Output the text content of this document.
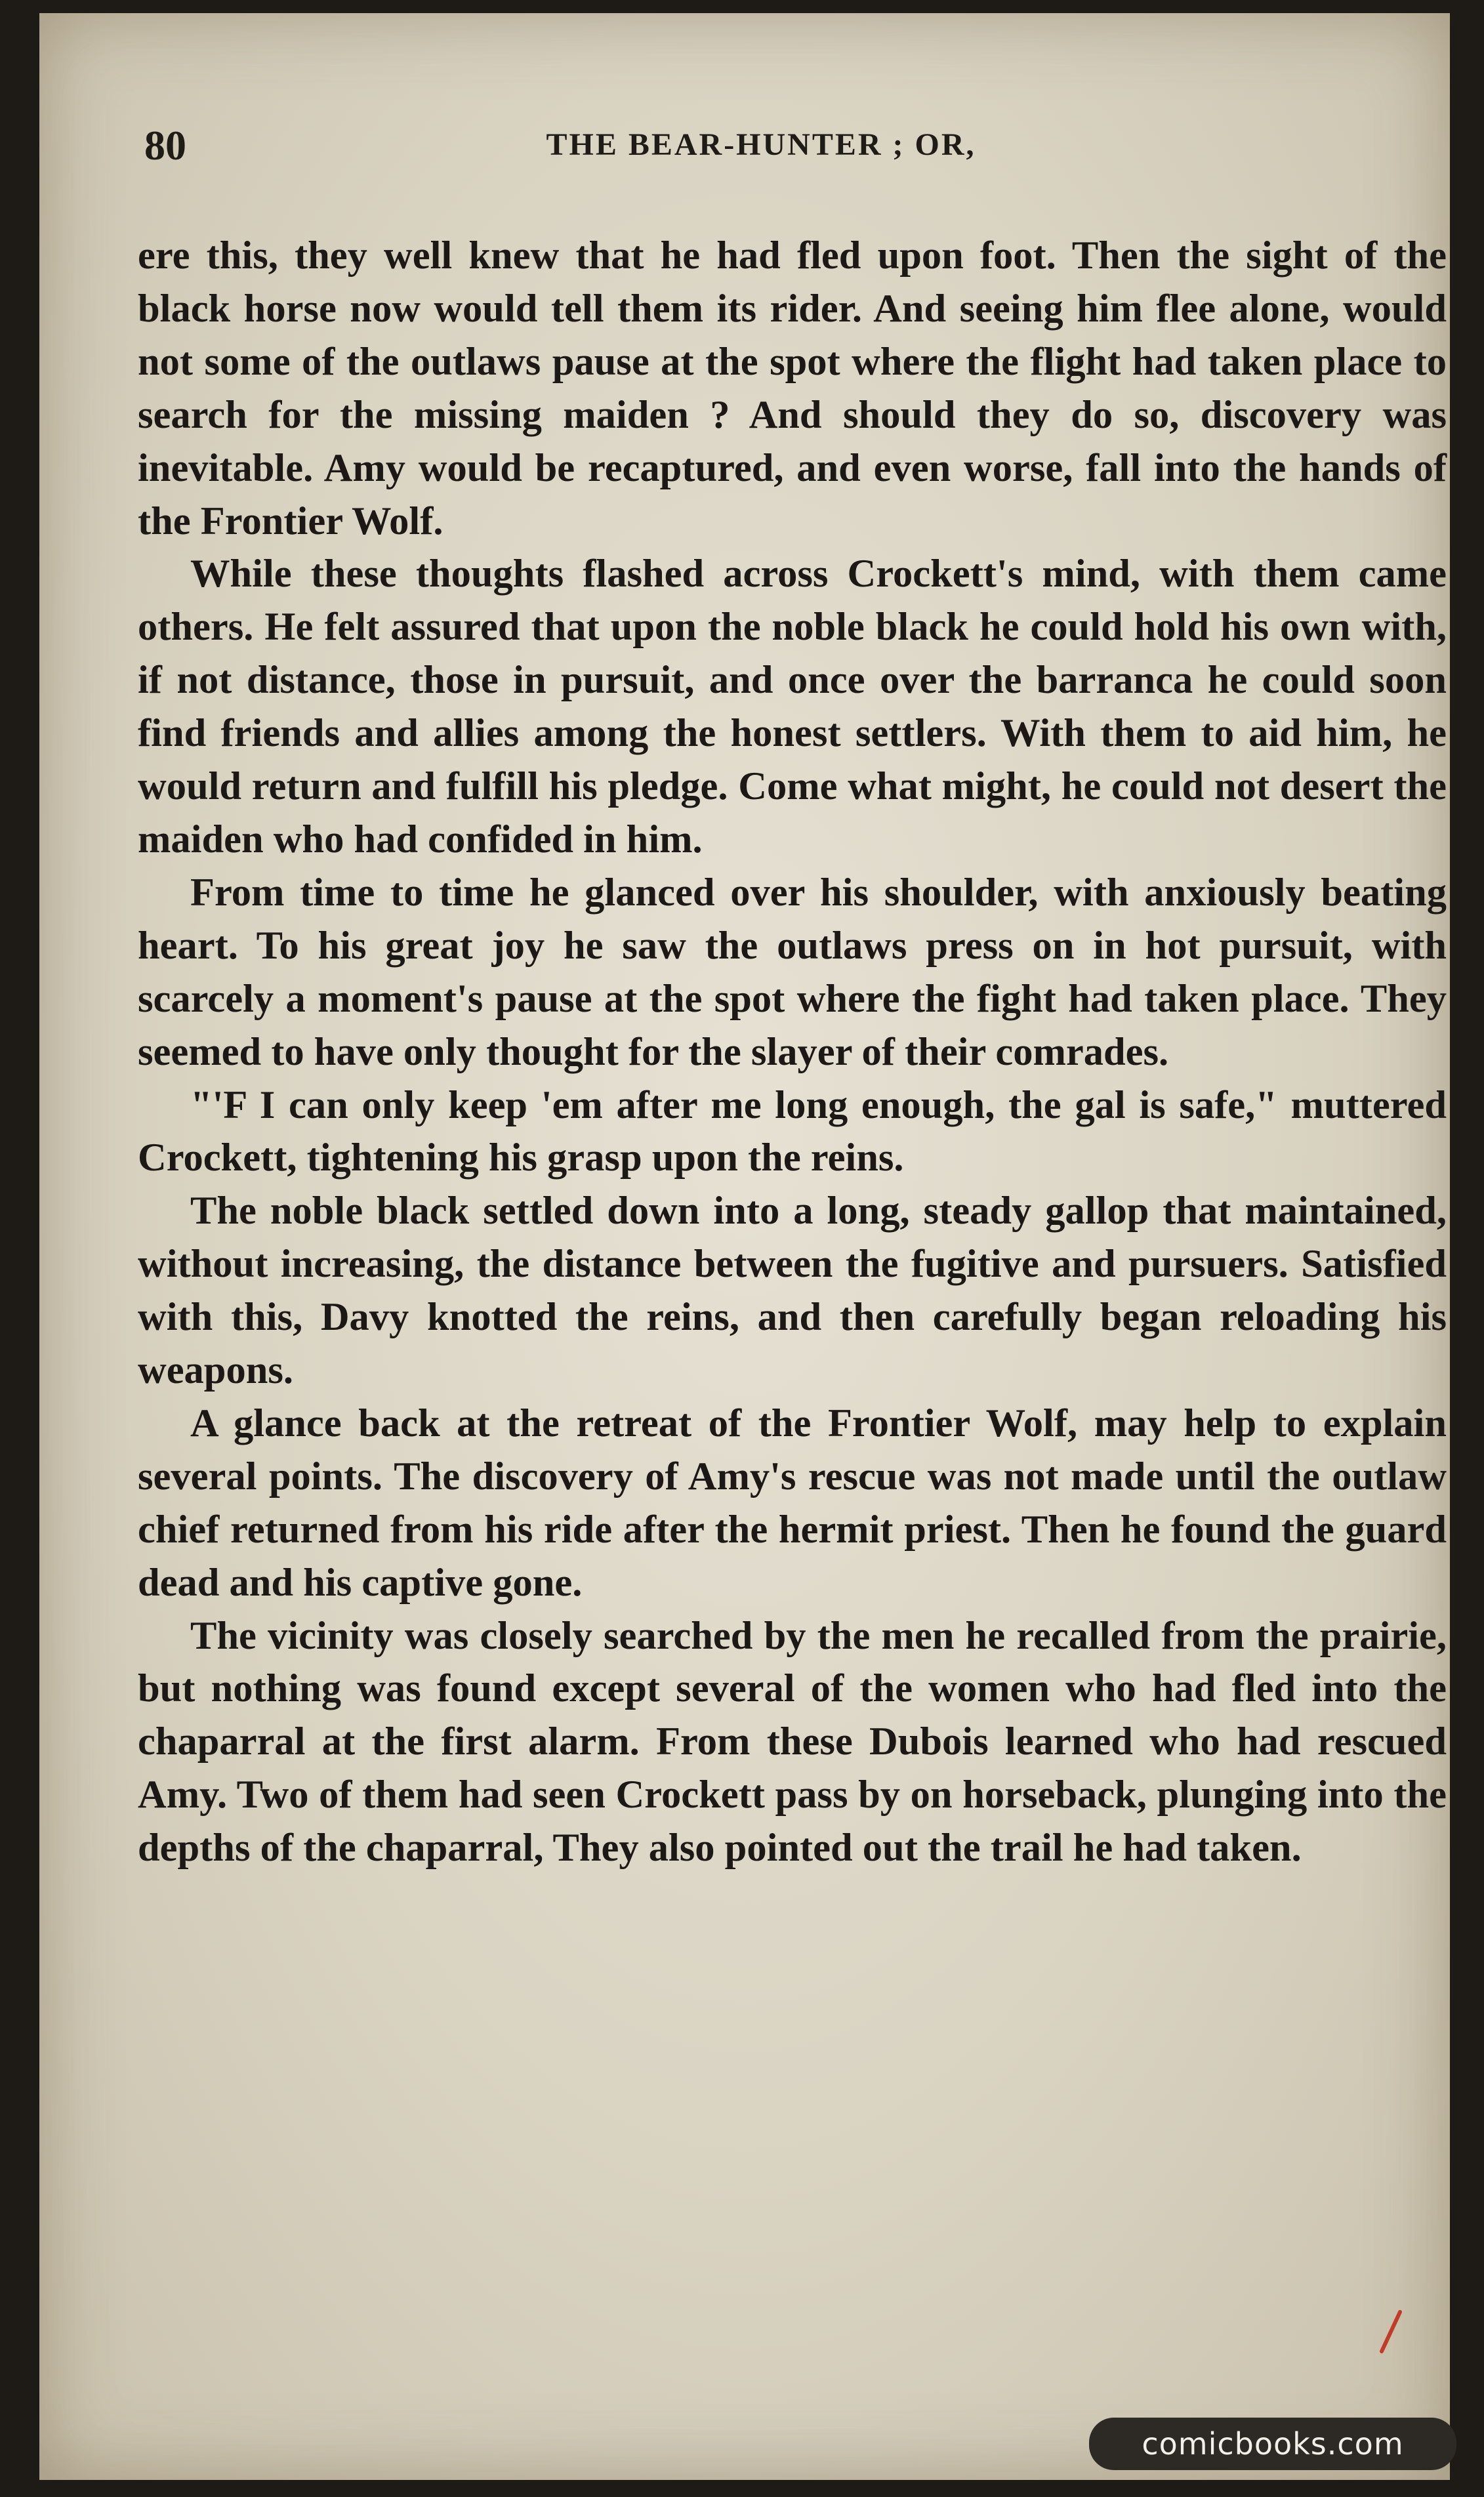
80	THE BEAR-HUNTER ; OR,

ere this, they well knew that he had fled upon foot. Then the sight of the black horse now would tell them its rider. And seeing him flee alone, would not some of the outlaws pause at the spot where the flight had taken place to search for the missing maiden ? And should they do so, discovery was inevitable. Amy would be recaptured, and even worse, fall into the hands of the Frontier Wolf.

While these thoughts flashed across Crockett's mind, with them came others. He felt assured that upon the noble black he could hold his own with, if not distance, those in pursuit, and once over the barranca he could soon find friends and allies among the honest settlers. With them to aid him, he would return and fulfill his pledge. Come what might, he could not desert the maiden who had confided in him.

From time to time he glanced over his shoulder, with anxiously beating heart. To his great joy he saw the outlaws press on in hot pursuit, with scarcely a moment's pause at the spot where the fight had taken place. They seemed to have only thought for the slayer of their comrades.

"'F I can only keep 'em after me long enough, the gal is safe," muttered Crockett, tightening his grasp upon the reins.

The noble black settled down into a long, steady gallop that maintained, without increasing, the distance between the fugitive and pursuers. Satisfied with this, Davy knotted the reins, and then carefully began reloading his weapons.

A glance back at the retreat of the Frontier Wolf, may help to explain several points. The discovery of Amy's rescue was not made until the outlaw chief returned from his ride after the hermit priest. Then he found the guard dead and his captive gone.

The vicinity was closely searched by the men he recalled from the prairie, but nothing was found except several of the women who had fled into the chaparral at the first alarm. From these Dubois learned who had rescued Amy. Two of them had seen Crockett pass by on horseback, plunging into the depths of the chaparral, They also pointed out the trail he had taken.

comicbooks.com
